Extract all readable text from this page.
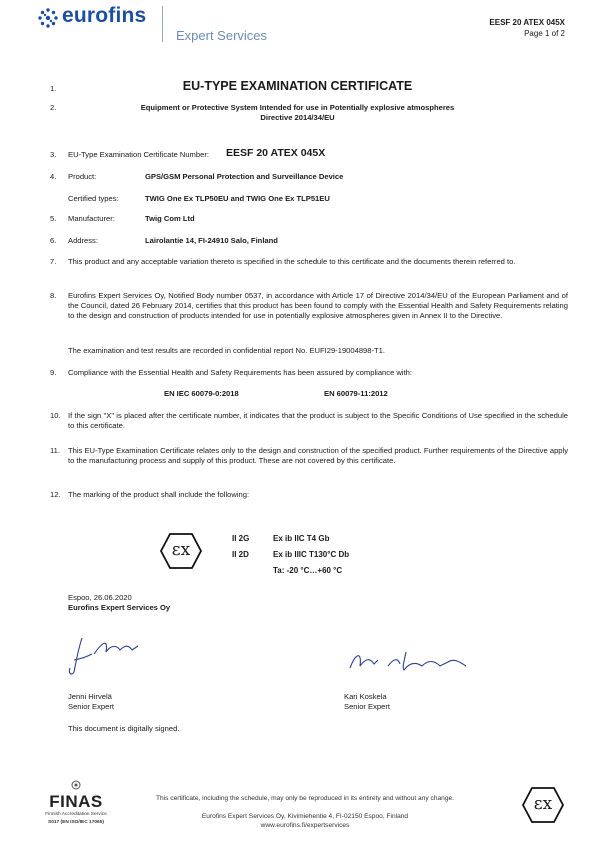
eurofins
Expert Services
EESF 20 ATEX 045X
Page 1 of 2
1.	EU-TYPE EXAMINATION CERTIFICATE
2.	Equipment or Protective System Intended for use in Potentially explosive atmospheres
Directive 2014/34/EU
3.	EU-Type Examination Certificate Number: EESF 20 ATEX 045X
4.	Product:	GPS/GSM Personal Protection and Surveillance Device
Certified types:	TWIG One Ex TLP50EU and TWIG One Ex TLP51EU
5.	Manufacturer:	Twig Com Ltd
6.	Address:	Lairolantie 14, FI-24910 Salo, Finland
7.	This product and any acceptable variation thereto is specified in the schedule to this certificate and the documents therein referred to.
8.	Eurofins Expert Services Oy, Notified Body number 0537, in accordance with Article 17 of Directive 2014/34/EU of the European Parliament and of the Council, dated 26 February 2014, certifies that this product has been found to comply with the Essential Health and Safety Requirements relating to the design and construction of products intended for use in potentially explosive atmospheres given in Annex II to the Directive.
The examination and test results are recorded in confidential report No. EUFI29-19004898-T1.
9.	Compliance with the Essential Health and Safety Requirements has been assured by compliance with:
EN IEC 60079-0:2018	EN 60079-11:2012
10. If the sign "X" is placed after the certificate number, it indicates that the product is subject to the Specific Conditions of Use specified in the schedule to this certificate.
11. This EU-Type Examination Certificate relates only to the design and construction of the specified product. Further requirements of the Directive apply to the manufacturing process and supply of this product. These are not covered by this certificate.
12. The marking of the product shall include the following:
εx
II 2G	Ex ib IIC T4 Gb
II 2D	Ex ib IIIC T130°C Db
Ta: -20 °C…+60 °C
Espoo, 26.06.2020
Eurofins Expert Services Oy
Jenni Hirvelä
Senior Expert
Kari Koskela
Senior Expert
This document is digitally signed.
FINAS
Finnish Accreditation Service
S017 (EN ISO/IEC 17065)
This certificate, including the schedule, may only be reproduced in its entirety and without any change.
Eurofins Expert Services Oy, Kivimiehentie 4, FI-02150 Espoo, Finland
www.eurofins.fi/expertservices
εx
